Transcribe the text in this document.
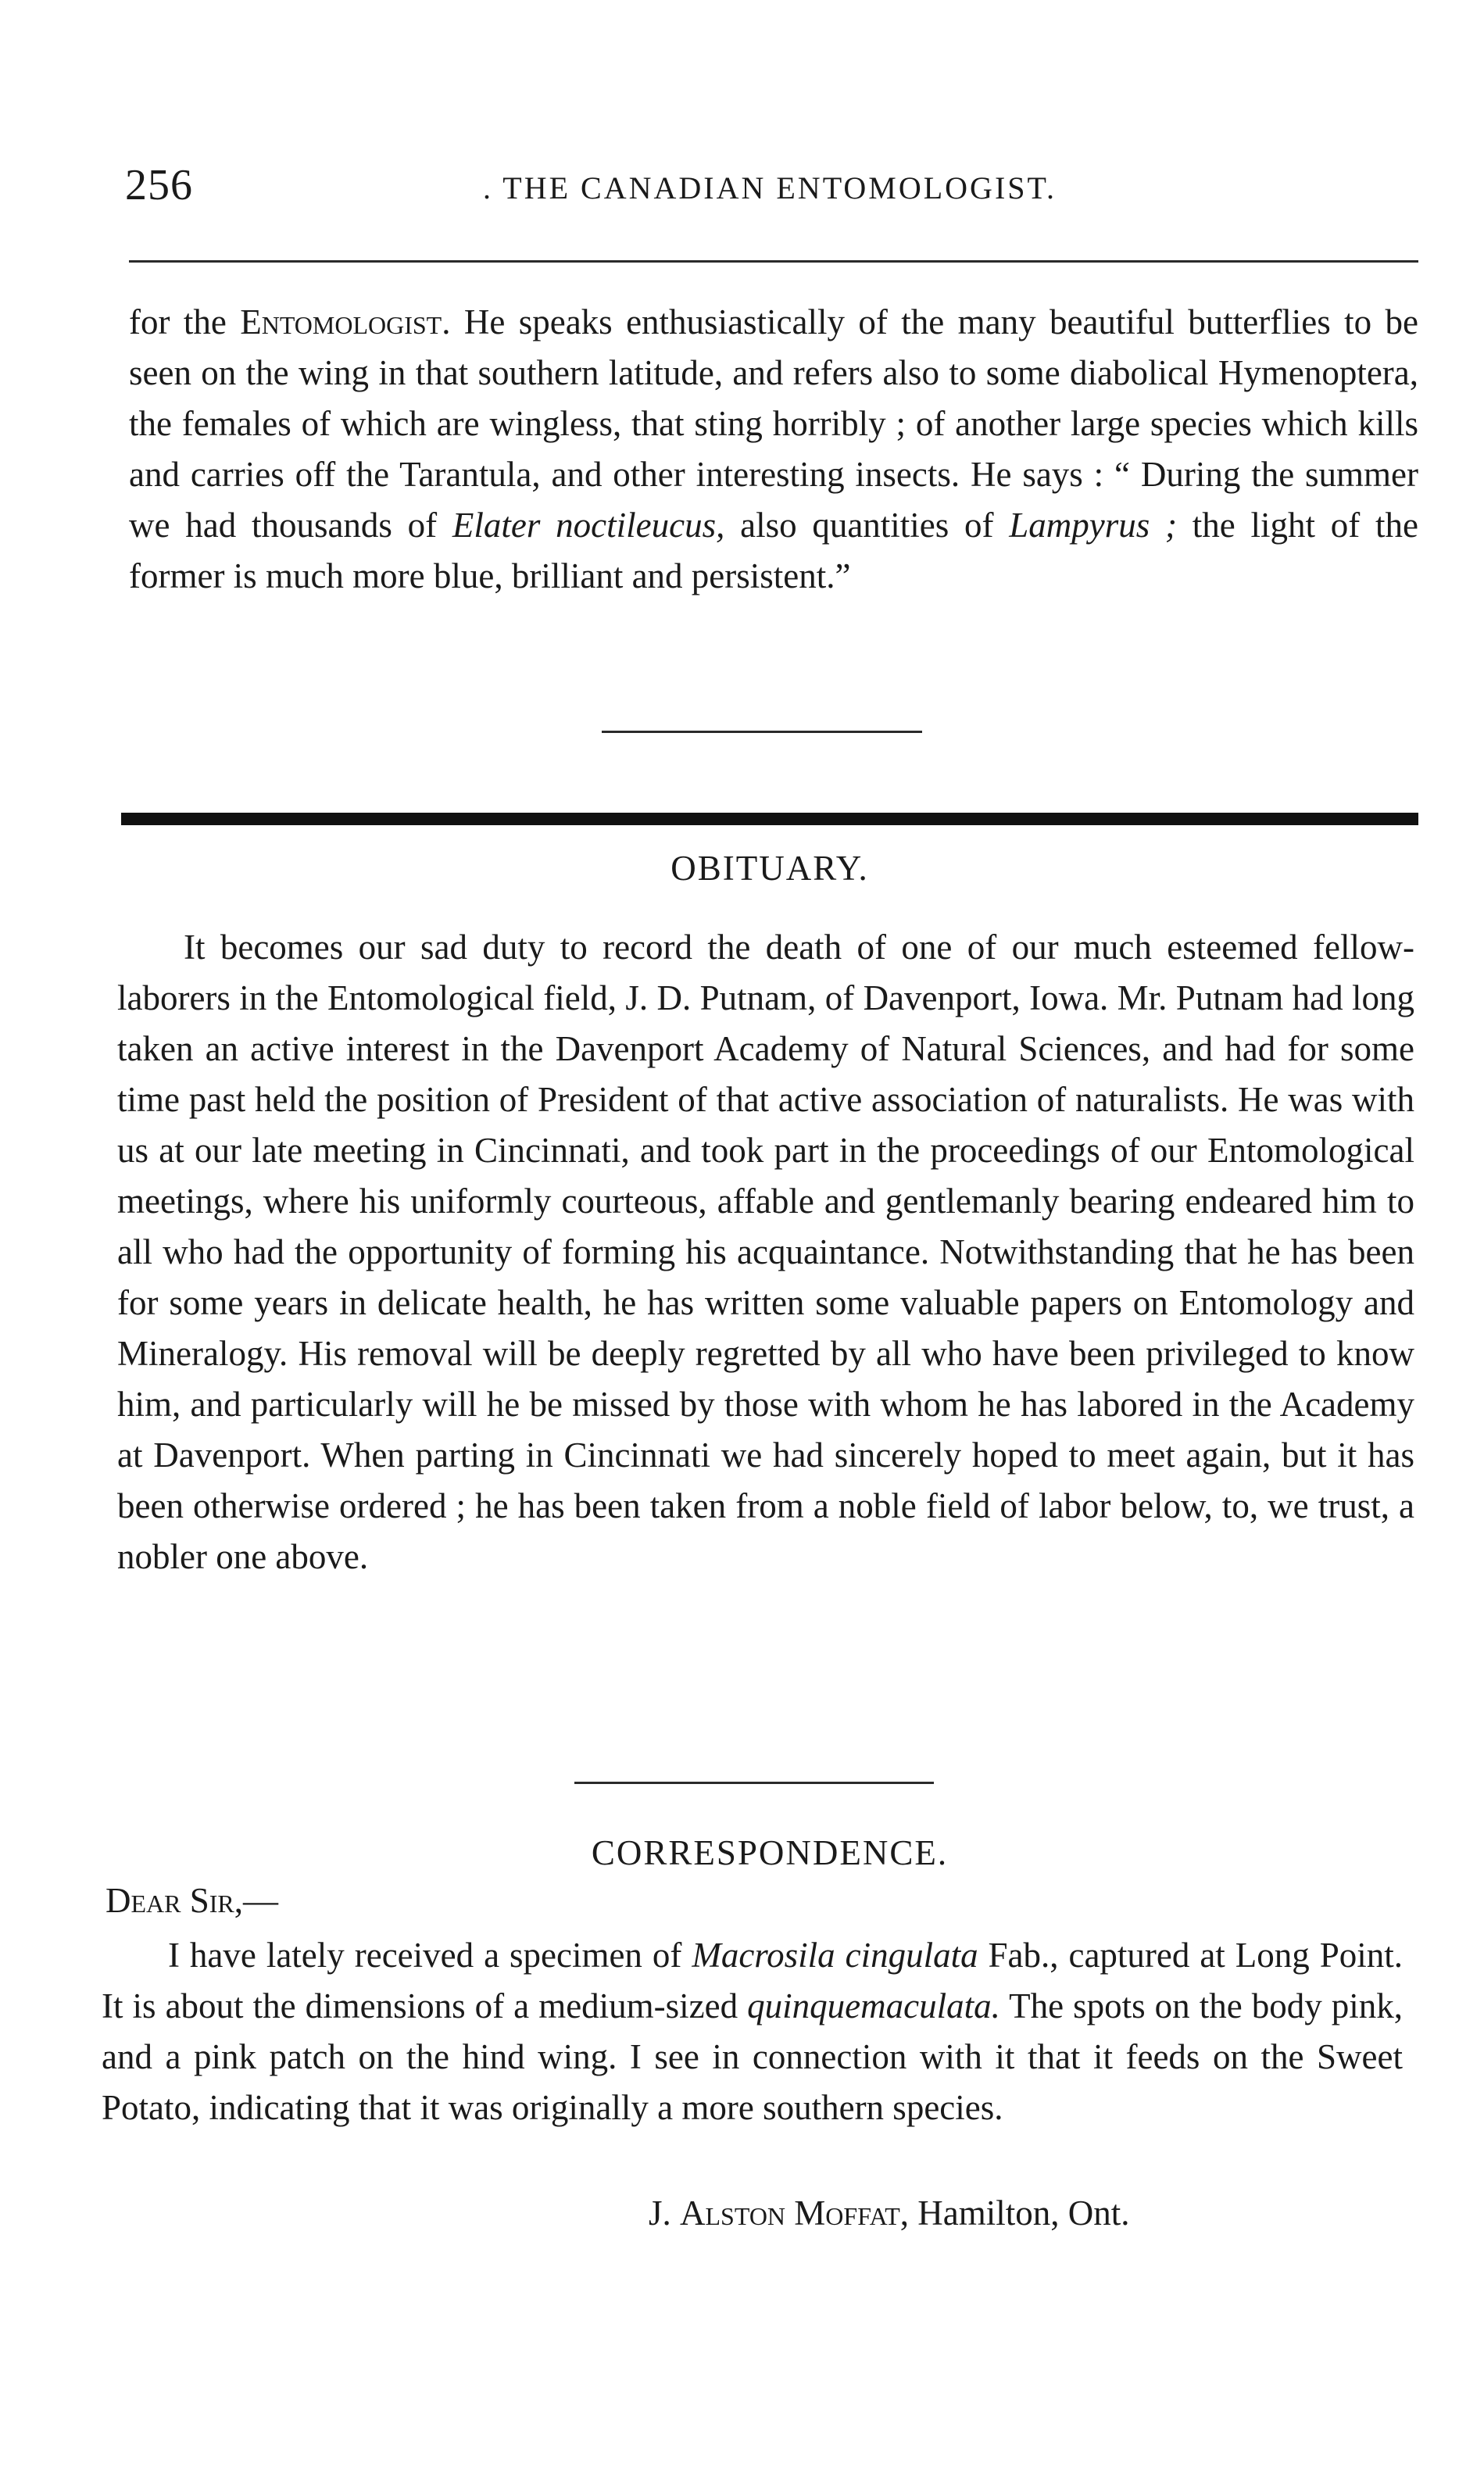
256	. THE CANADIAN ENTOMOLOGIST.

for the Entomologist. He speaks enthusiastically of the many beautiful butterflies to be seen on the wing in that southern latitude, and refers also to some diabolical Hymenoptera, the females of which are wingless, that sting horribly ; of another large species which kills and carries off the Tarantula, and other interesting insects. He says : “ During the summer we had thousands of Elater noctileucus, also quantities of Lampyrus ; the light of the former is much more blue, brilliant and persistent.”

OBITUARY.

It becomes our sad duty to record the death of one of our much esteemed fellow-laborers in the Entomological field, J. D. Putnam, of Davenport, Iowa. Mr. Putnam had long taken an active interest in the Davenport Academy of Natural Sciences, and had for some time past held the position of President of that active association of naturalists. He was with us at our late meeting in Cincinnati, and took part in the proceedings of our Entomological meetings, where his uniformly courteous, affable and gentlemanly bearing endeared him to all who had the opportunity of forming his acquaintance. Notwithstanding that he has been for some years in delicate health, he has written some valuable papers on Entomology and Mineralogy. His removal will be deeply regretted by all who have been privileged to know him, and particularly will he be missed by those with whom he has labored in the Academy at Davenport. When parting in Cincinnati we had sincerely hoped to meet again, but it has been otherwise ordered ; he has been taken from a noble field of labor below, to, we trust, a nobler one above.

CORRESPONDENCE.
Dear Sir,—

I have lately received a specimen of Macrosila cingulata Fab., captured at Long Point. It is about the dimensions of a medium-sized quinquemaculata. The spots on the body pink, and a pink patch on the hind wing. I see in connection with it that it feeds on the Sweet Potato, indicating that it was originally a more southern species.

J. Alston Moffat, Hamilton, Ont.
